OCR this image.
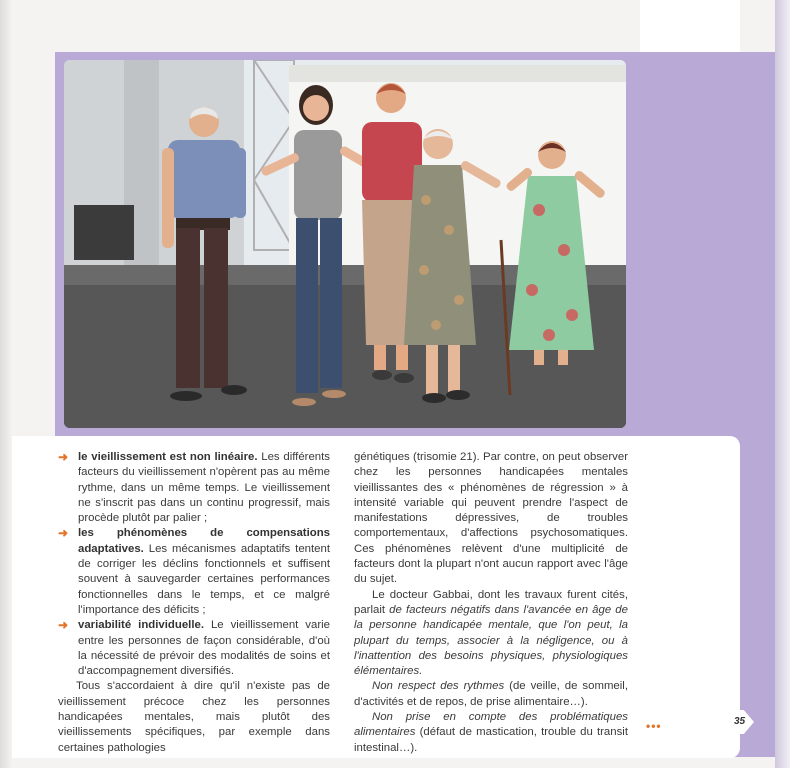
➜ le vieillissement est non linéaire. Les différents facteurs du vieillissement n'opèrent pas au même rythme, dans un même temps. Le vieillissement ne s'inscrit pas dans un continu progressif, mais procède plutôt par palier ;

➜ les phénomènes de compensations adaptatives. Les mécanismes adaptatifs tentent de corriger les déclins fonctionnels et suffisent souvent à sauvegarder certaines performances fonctionnelles dans le temps, et ce malgré l'importance des déficits ;

➜ variabilité individuelle. Le vieillissement varie entre les personnes de façon considérable, d'où la nécessité de prévoir des modalités de soins et d'accompagnement diversifiés.

Tous s'accordaient à dire qu'il n'existe pas de vieillissement précoce chez les personnes handicapées mentales, mais plutôt des vieillissements spécifiques, par exemple dans certaines pathologies

génétiques (trisomie 21). Par contre, on peut observer chez les personnes handicapées mentales vieillissantes des « phénomènes de régression » à intensité variable qui peuvent prendre l'aspect de manifestations dépressives, de troubles comportementaux, d'affections psychosomatiques. Ces phénomènes relèvent d'une multiplicité de facteurs dont la plupart n'ont aucun rapport avec l'âge du sujet.

Le docteur Gabbai, dont les travaux furent cités, parlait de facteurs négatifs dans l'avancée en âge de la personne handicapée mentale, que l'on peut, la plupart du temps, associer à la négligence, ou à l'inattention des besoins physiques, physiologiques élémentaires.

Non respect des rythmes (de veille, de sommeil, d'activités et de repos, de prise alimentaire…).

Non prise en compte des problématiques alimentaires (défaut de mastication, trouble du transit intestinal…).

•••	35
